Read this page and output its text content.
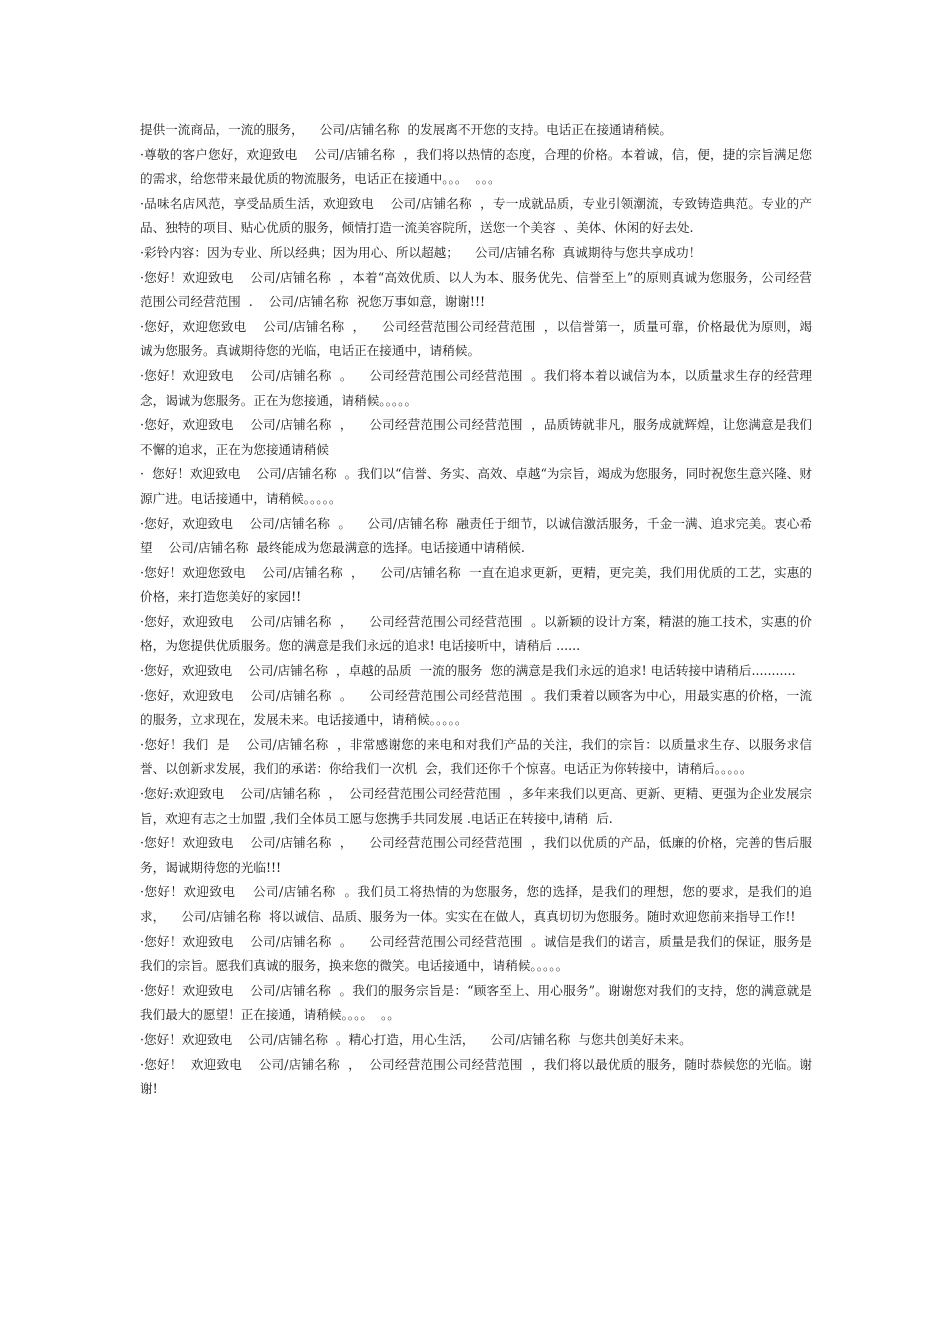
提供一流商品，一流的服务，    公司/店铺名称  的发展离不开您的支持。电话正在接通请稍候。

·尊敬的客户您好，欢迎致电    公司/店铺名称  ，我们将以热情的态度，合理的价格。本着诚，信，便，捷的宗旨满足您的需求，给您带来最优质的物流服务，电话正在接通中。。。  。。。

·品味名店风范，享受品质生活，欢迎致电    公司/店铺名称  ，专一成就品质，专业引领潮流，专致铸造典范。专业的产品、独特的项目、贴心优质的服务，倾情打造一流美容院所，送您一个美容  、美体、休闲的好去处.

·彩铃内容：因为专业、所以经典；因为用心、所以超越；    公司/店铺名称  真诚期待与您共享成功！

·您好！欢迎致电    公司/店铺名称  ，本着“高效优质、以人为本、服务优先、信誉至上”的原则真诚为您服务，公司经营范围公司经营范围  .    公司/店铺名称  祝您万事如意，谢谢!!!

·您好，欢迎您致电    公司/店铺名称  ，    公司经营范围公司经营范围  ，以信誉第一，质量可靠，价格最优为原则，竭诚为您服务。真诚期待您的光临，电话正在接通中，请稍候。

·您好！欢迎致电    公司/店铺名称  。    公司经营范围公司经营范围  。我们将本着以诚信为本，以质量求生存的经营理念，谒诚为您服务。正在为您接通，请稍候。。。。。

·您好，欢迎致电    公司/店铺名称  ，    公司经营范围公司经营范围  ，品质铸就非凡，服务成就辉煌，让您满意是我们不懈的追求，正在为您接通请稍候

·  您好！欢迎致电    公司/店铺名称  。我们以“信誉、务实、高效、卓越“为宗旨，竭成为您服务，同时祝您生意兴隆、财源广进。电话接通中，请稍候。。。。。

·您好，欢迎致电    公司/店铺名称  。    公司/店铺名称  融责任于细节，以诚信激活服务，千金一满、追求完美。衷心希望    公司/店铺名称  最终能成为您最满意的选择。电话接通中请稍候.

·您好！欢迎您致电    公司/店铺名称  ，    公司/店铺名称  一直在追求更新，更精，更完美，我们用优质的工艺，实惠的价格，来打造您美好的家园!!

·您好，欢迎致电    公司/店铺名称  ，    公司经营范围公司经营范围  。以新颖的设计方案，精湛的施工技术，实惠的价格，为您提供优质服务。您的满意是我们永远的追求! 电话接听中，请稍后 ......

·您好，欢迎致电    公司/店铺名称  ，卓越的品质  一流的服务  您的满意是我们永远的追求! 电话转接中请稍后...........

·您好，欢迎致电    公司/店铺名称  。    公司经营范围公司经营范围  。我们秉着以顾客为中心，用最实惠的价格，一流的服务，立求现在，发展未来。电话接通中，请稍候。。。。。

·您好！我们  是    公司/店铺名称  ，非常感谢您的来电和对我们产品的关注，我们的宗旨：以质量求生存、以服务求信誉、以创新求发展，我们的承诺：你给我们一次机  会，我们还你千个惊喜。电话正为你转接中，请稍后。。。。。

·您好:欢迎致电    公司/店铺名称  ，  公司经营范围公司经营范围  ，多年来我们以更高、更新、更精、更强为企业发展宗旨，欢迎有志之士加盟 ,我们全体员工愿与您携手共同发展 .电话正在转接中,请稍  后.

·您好！欢迎致电    公司/店铺名称  ，    公司经营范围公司经营范围  ，我们以优质的产品，低廉的价格，完善的售后服务，谒诚期待您的光临!!!

·您好！欢迎致电    公司/店铺名称  。我们员工将热情的为您服务，您的选择，是我们的理想，您的要求，是我们的追求，    公司/店铺名称  将以诚信、品质、服务为一体。实实在在做人，真真切切为您服务。随时欢迎您前来指导工作!!

·您好！欢迎致电    公司/店铺名称  。    公司经营范围公司经营范围  。诚信是我们的诺言，质量是我们的保证，服务是我们的宗旨。愿我们真诚的服务，换来您的微笑。电话接通中，请稍候。。。。。

·您好！欢迎致电    公司/店铺名称  。我们的服务宗旨是：“顾客至上、用心服务”。谢谢您对我们的支持，您的满意就是我们最大的愿望！正在接通，请稍候。。。。  。。

·您好！欢迎致电    公司/店铺名称  。精心打造，用心生活，    公司/店铺名称  与您共创美好未来。

·您好！  欢迎致电    公司/店铺名称  ，  公司经营范围公司经营范围  ，我们将以最优质的服务，随时恭候您的光临。谢谢!
